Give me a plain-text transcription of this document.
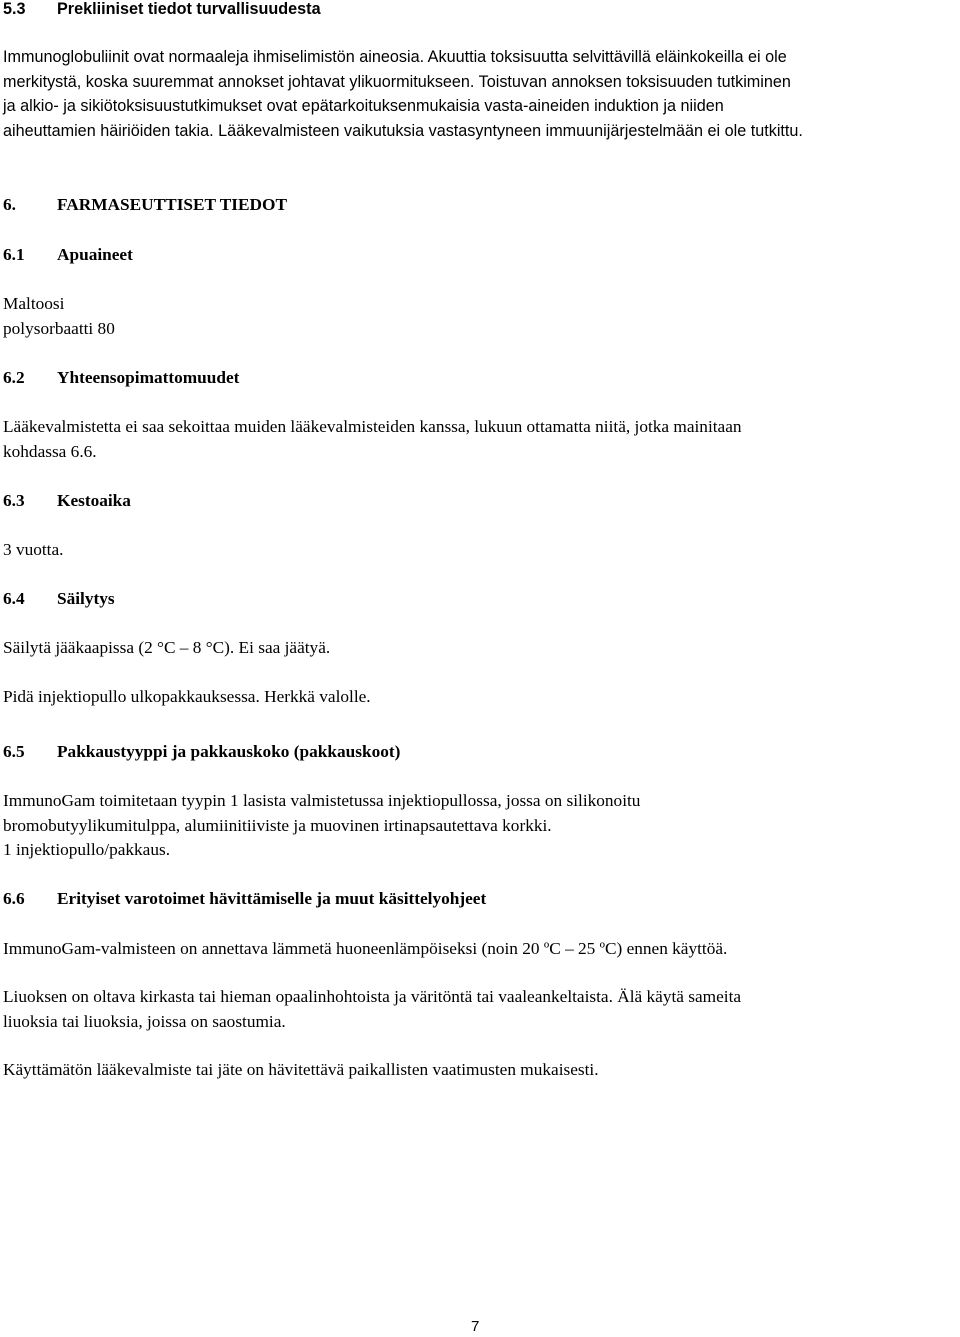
5.3 Prekliiniset tiedot turvallisuudesta
Immunoglobuliinit ovat normaaleja ihmiselimistön aineosia. Akuuttia toksisuutta selvittävillä eläinkokeilla ei ole
merkitystä, koska suuremmat annokset johtavat ylikuormitukseen. Toistuvan annoksen toksisuuden tutkiminen
ja alkio- ja sikiötoksisuustutkimukset ovat epätarkoituksenmukaisia vasta-aineiden induktion ja niiden
aiheuttamien häiriöiden takia. Lääkevalmisteen vaikutuksia vastasyntyneen immuunijärjestelmään ei ole tutkittu.
6. FARMASEUTTISET TIEDOT
6.1 Apuaineet
Maltoosi
polysorbaatti 80
6.2 Yhteensopimattomuudet
Lääkevalmistetta ei saa sekoittaa muiden lääkevalmisteiden kanssa, lukuun ottamatta niitä, jotka mainitaan
kohdassa 6.6.
6.3 Kestoaika
3 vuotta.
6.4 Säilytys
Säilytä jääkaapissa (2 °C – 8 °C). Ei saa jäätyä.
Pidä injektiopullo ulkopakkauksessa. Herkkä valolle.
6.5 Pakkaustyyppi ja pakkauskoko (pakkauskoot)
ImmunoGam toimitetaan tyypin 1 lasista valmistetussa injektiopullossa, jossa on silikonoitu
bromobutyylikumitulppa, alumiinitiiviste ja muovinen irtinapsautettava korkki.
1 injektiopullo/pakkaus.
6.6 Erityiset varotoimet hävittämiselle ja muut käsittelyohjeet
ImmunoGam-valmisteen on annettava lämmetä huoneenlämpöiseksi (noin 20 ºC – 25 ºC) ennen käyttöä.
Liuoksen on oltava kirkasta tai hieman opaalinhohtoista ja väritöntä tai vaaleankeltaista. Älä käytä sameita
liuoksia tai liuoksia, joissa on saostumia.
Käyttämätön lääkevalmiste tai jäte on hävitettävä paikallisten vaatimusten mukaisesti.
7
